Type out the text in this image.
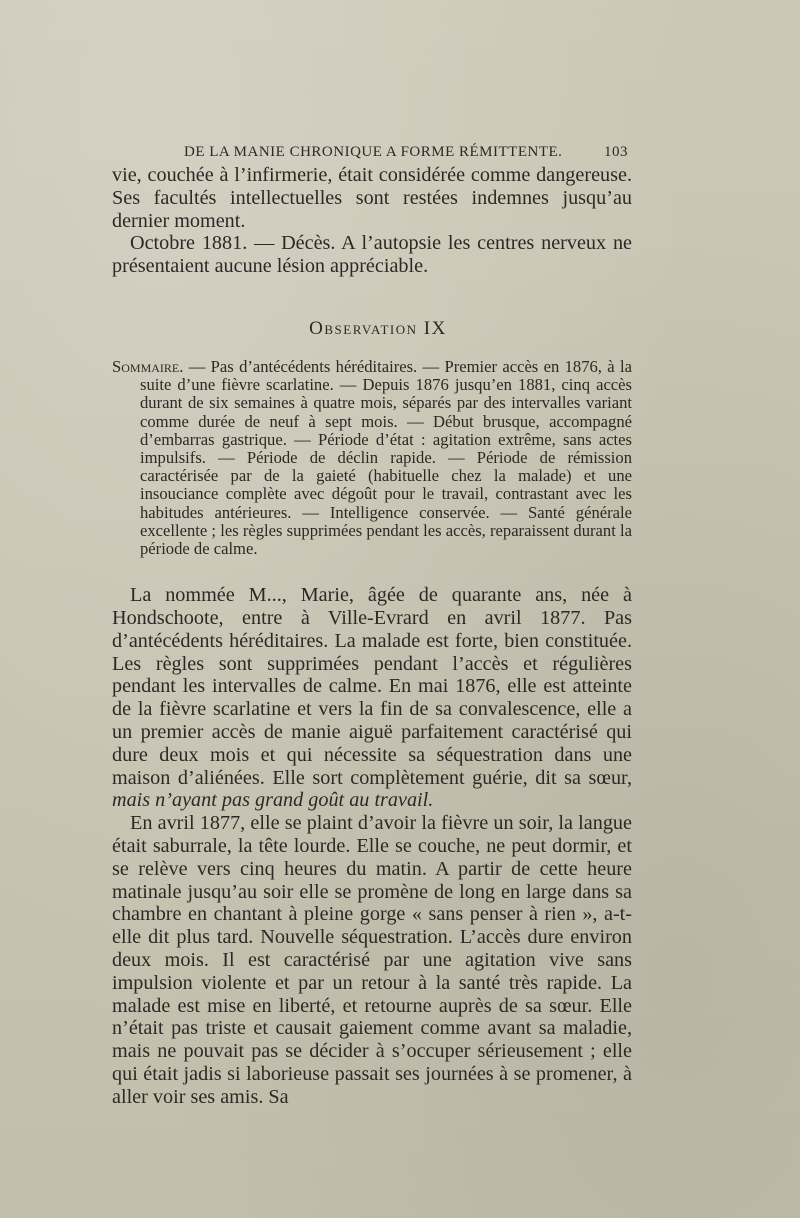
DE LA MANIE CHRONIQUE A FORME RÉMITTENTE.	103

vie, couchée à l’infirmerie, était considérée comme dangereuse. Ses facultés intellectuelles sont restées indemnes jusqu’au dernier moment.

Octobre 1881. — Décès. A l’autopsie les centres nerveux ne présentaient aucune lésion appréciable.

Observation IX

Sommaire. — Pas d’antécédents héréditaires. — Premier accès en 1876, à la suite d’une fièvre scarlatine. — Depuis 1876 jusqu’en 1881, cinq accès durant de six semaines à quatre mois, séparés par des intervalles variant comme durée de neuf à sept mois. — Début brusque, accompagné d’embarras gastrique. — Période d’état : agitation extrême, sans actes impulsifs. — Période de déclin rapide. — Période de rémission caractérisée par de la gaieté (habituelle chez la malade) et une insouciance complète avec dégoût pour le travail, contrastant avec les habitudes antérieures. — Intelligence conservée. — Santé générale excellente ; les règles supprimées pendant les accès, reparaissent durant la période de calme.

La nommée M..., Marie, âgée de quarante ans, née à Hondschoote, entre à Ville-Evrard en avril 1877. Pas d’antécédents héréditaires. La malade est forte, bien constituée. Les règles sont supprimées pendant l’accès et régulières pendant les intervalles de calme. En mai 1876, elle est atteinte de la fièvre scarlatine et vers la fin de sa convalescence, elle a un premier accès de manie aiguë parfaitement caractérisé qui dure deux mois et qui nécessite sa séquestration dans une maison d’aliénées. Elle sort complètement guérie, dit sa sœur, mais n’ayant pas grand goût au travail.

En avril 1877, elle se plaint d’avoir la fièvre un soir, la langue était saburrale, la tête lourde. Elle se couche, ne peut dormir, et se relève vers cinq heures du matin. A partir de cette heure matinale jusqu’au soir elle se promène de long en large dans sa chambre en chantant à pleine gorge « sans penser à rien », a-t-elle dit plus tard. Nouvelle séquestration. L’accès dure environ deux mois. Il est caractérisé par une agitation vive sans impulsion violente et par un retour à la santé très rapide. La malade est mise en liberté, et retourne auprès de sa sœur. Elle n’était pas triste et causait gaiement comme avant sa maladie, mais ne pouvait pas se décider à s’occuper sérieusement ; elle qui était jadis si laborieuse passait ses journées à se promener, à aller voir ses amis. Sa
